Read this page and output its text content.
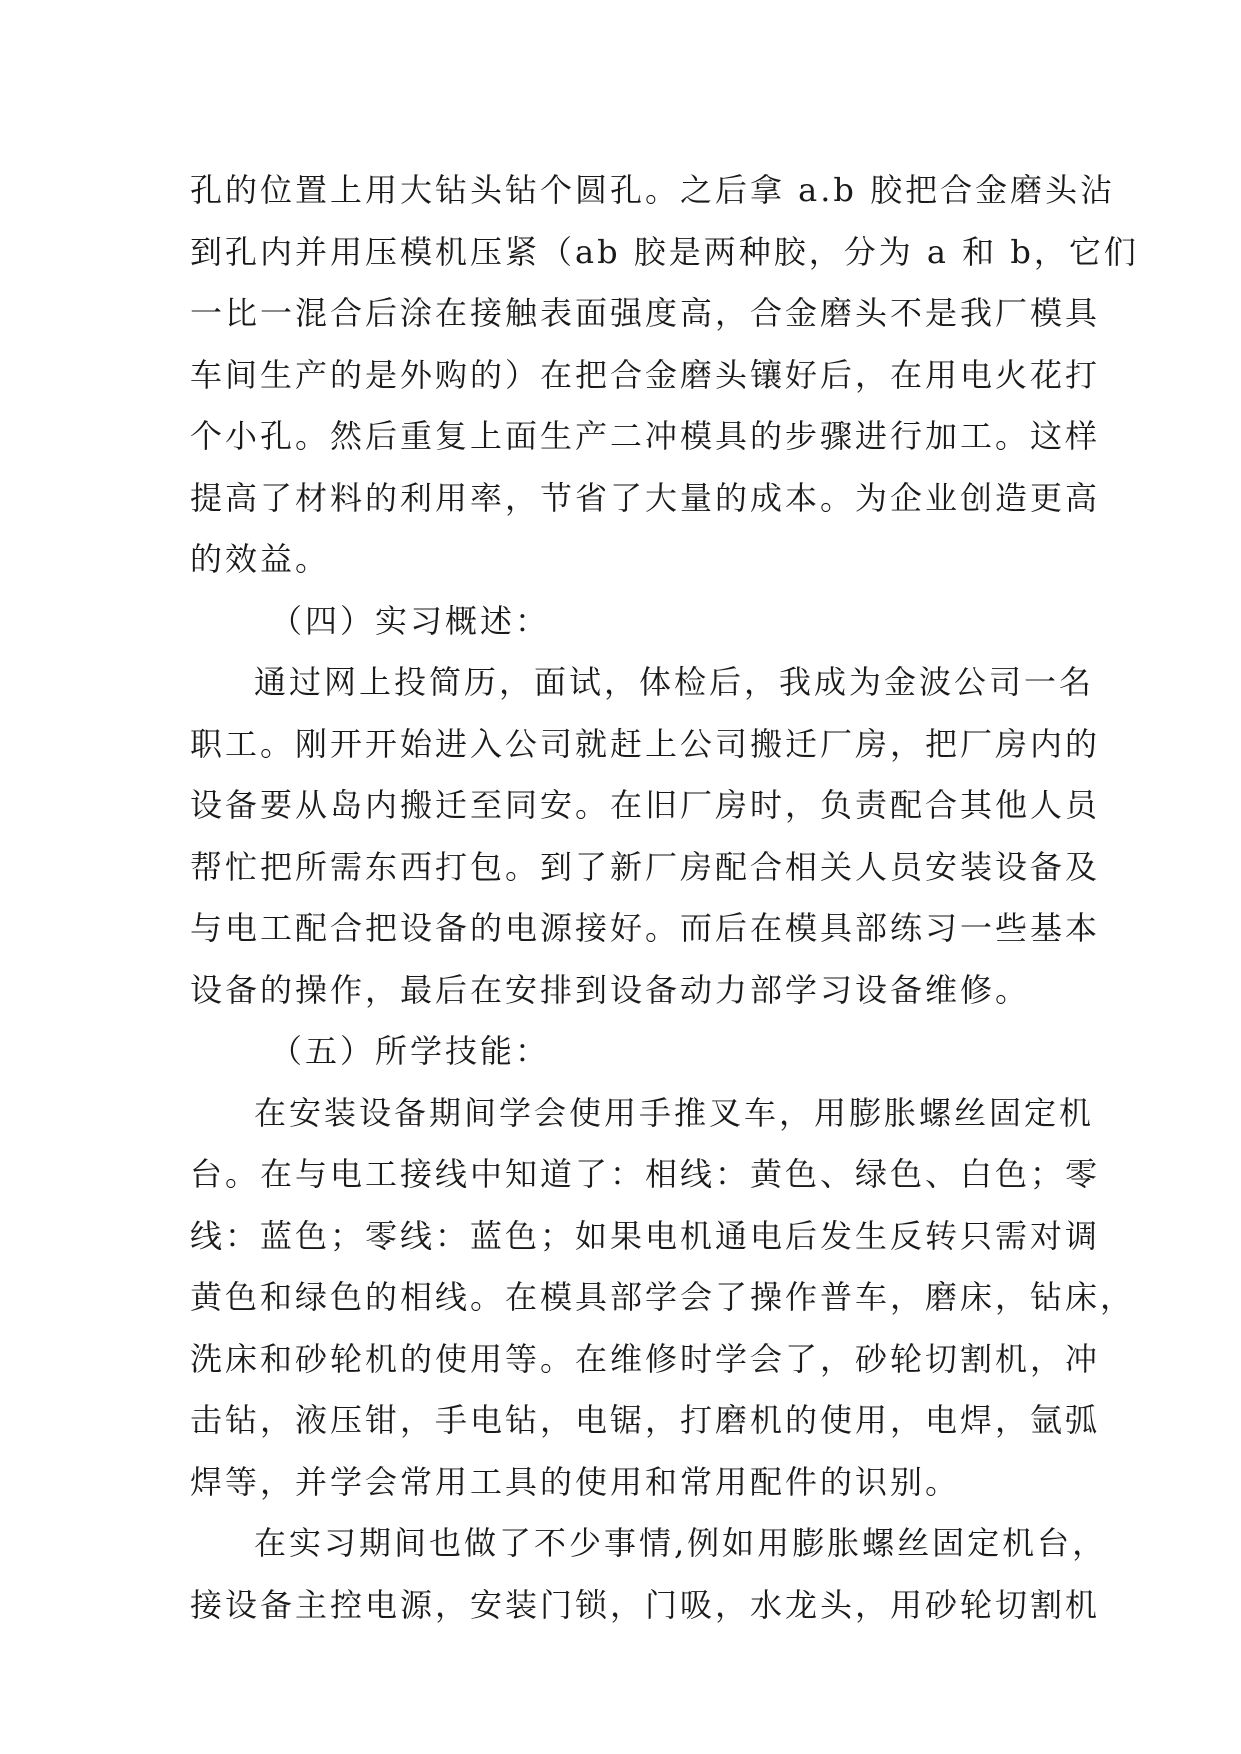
孔的位置上用大钻头钻个圆孔。之后拿 a.b 胶把合金磨头沾
到孔内并用压模机压紧（ab 胶是两种胶，分为 a 和 b，它们
一比一混合后涂在接触表面强度高，合金磨头不是我厂模具
车间生产的是外购的）在把合金磨头镶好后，在用电火花打
个小孔。然后重复上面生产二冲模具的步骤进行加工。这样
提高了材料的利用率，节省了大量的成本。为企业创造更高
的效益。
（四）实习概述：
通过网上投简历，面试，体检后，我成为金波公司一名
职工。刚开开始进入公司就赶上公司搬迁厂房，把厂房内的
设备要从岛内搬迁至同安。在旧厂房时，负责配合其他人员
帮忙把所需东西打包。到了新厂房配合相关人员安装设备及
与电工配合把设备的电源接好。而后在模具部练习一些基本
设备的操作，最后在安排到设备动力部学习设备维修。
（五）所学技能：
在安装设备期间学会使用手推叉车，用膨胀螺丝固定机
台。在与电工接线中知道了：相线：黄色、绿色、白色；零
线：蓝色；零线：蓝色；如果电机通电后发生反转只需对调
黄色和绿色的相线。在模具部学会了操作普车，磨床，钻床，
洗床和砂轮机的使用等。在维修时学会了，砂轮切割机，冲
击钻，液压钳，手电钻，电锯，打磨机的使用，电焊，氩弧
焊等，并学会常用工具的使用和常用配件的识别。
在实习期间也做了不少事情,例如用膨胀螺丝固定机台，
接设备主控电源，安装门锁，门吸，水龙头，用砂轮切割机
